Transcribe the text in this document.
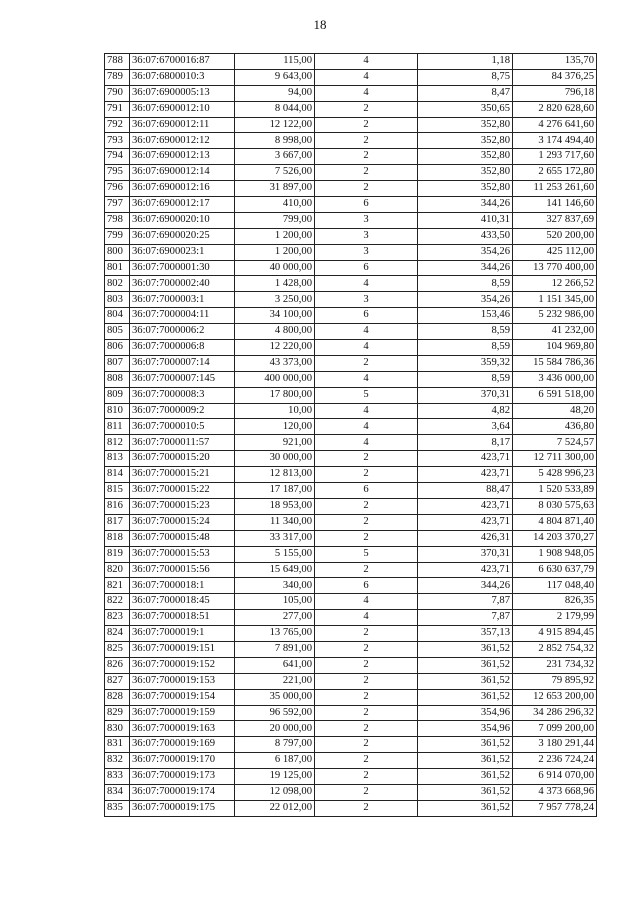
18
788	36:07:6700016:87	115,00	4	1,18	135,70
789	36:07:6800010:3	9 643,00	4	8,75	84 376,25
790	36:07:6900005:13	94,00	4	8,47	796,18
791	36:07:6900012:10	8 044,00	2	350,65	2 820 628,60
792	36:07:6900012:11	12 122,00	2	352,80	4 276 641,60
793	36:07:6900012:12	8 998,00	2	352,80	3 174 494,40
794	36:07:6900012:13	3 667,00	2	352,80	1 293 717,60
795	36:07:6900012:14	7 526,00	2	352,80	2 655 172,80
796	36:07:6900012:16	31 897,00	2	352,80	11 253 261,60
797	36:07:6900012:17	410,00	6	344,26	141 146,60
798	36:07:6900020:10	799,00	3	410,31	327 837,69
799	36:07:6900020:25	1 200,00	3	433,50	520 200,00
800	36:07:6900023:1	1 200,00	3	354,26	425 112,00
801	36:07:7000001:30	40 000,00	6	344,26	13 770 400,00
802	36:07:7000002:40	1 428,00	4	8,59	12 266,52
803	36:07:7000003:1	3 250,00	3	354,26	1 151 345,00
804	36:07:7000004:11	34 100,00	6	153,46	5 232 986,00
805	36:07:7000006:2	4 800,00	4	8,59	41 232,00
806	36:07:7000006:8	12 220,00	4	8,59	104 969,80
807	36:07:7000007:14	43 373,00	2	359,32	15 584 786,36
808	36:07:7000007:145	400 000,00	4	8,59	3 436 000,00
809	36:07:7000008:3	17 800,00	5	370,31	6 591 518,00
810	36:07:7000009:2	10,00	4	4,82	48,20
811	36:07:7000010:5	120,00	4	3,64	436,80
812	36:07:7000011:57	921,00	4	8,17	7 524,57
813	36:07:7000015:20	30 000,00	2	423,71	12 711 300,00
814	36:07:7000015:21	12 813,00	2	423,71	5 428 996,23
815	36:07:7000015:22	17 187,00	6	88,47	1 520 533,89
816	36:07:7000015:23	18 953,00	2	423,71	8 030 575,63
817	36:07:7000015:24	11 340,00	2	423,71	4 804 871,40
818	36:07:7000015:48	33 317,00	2	426,31	14 203 370,27
819	36:07:7000015:53	5 155,00	5	370,31	1 908 948,05
820	36:07:7000015:56	15 649,00	2	423,71	6 630 637,79
821	36:07:7000018:1	340,00	6	344,26	117 048,40
822	36:07:7000018:45	105,00	4	7,87	826,35
823	36:07:7000018:51	277,00	4	7,87	2 179,99
824	36:07:7000019:1	13 765,00	2	357,13	4 915 894,45
825	36:07:7000019:151	7 891,00	2	361,52	2 852 754,32
826	36:07:7000019:152	641,00	2	361,52	231 734,32
827	36:07:7000019:153	221,00	2	361,52	79 895,92
828	36:07:7000019:154	35 000,00	2	361,52	12 653 200,00
829	36:07:7000019:159	96 592,00	2	354,96	34 286 296,32
830	36:07:7000019:163	20 000,00	2	354,96	7 099 200,00
831	36:07:7000019:169	8 797,00	2	361,52	3 180 291,44
832	36:07:7000019:170	6 187,00	2	361,52	2 236 724,24
833	36:07:7000019:173	19 125,00	2	361,52	6 914 070,00
834	36:07:7000019:174	12 098,00	2	361,52	4 373 668,96
835	36:07:7000019:175	22 012,00	2	361,52	7 957 778,24
